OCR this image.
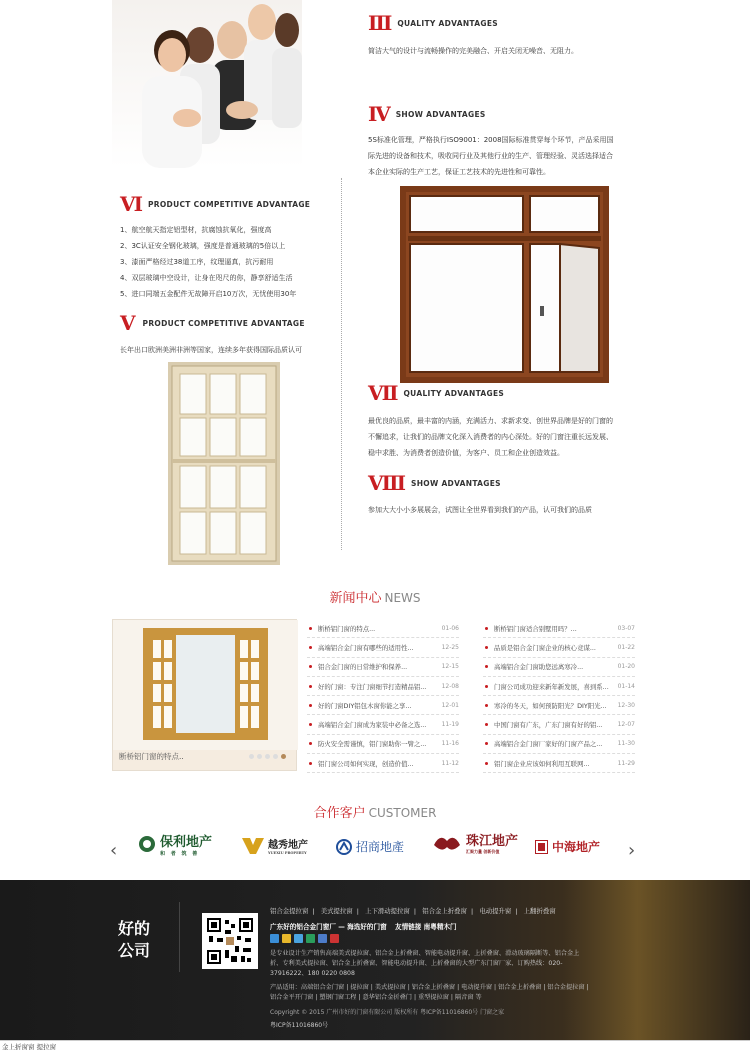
Ⅲ QUALITY ADVANTAGES
简洁大气的设计与流畅操作的完美融合、开启关闭无噪音、无阻力。
Ⅳ SHOW ADVANTAGES
5S标准化管理，严格执行ISO9001：2008国际标准贯穿每个环节，产品采用国
际先进的设备和技术，吸收同行业及其他行业的生产、管理经验、灵活选择适合
本企业实际的生产工艺，保证工艺技术的先进性和可靠性。
Ⅵ PRODUCT COMPETITIVE ADVANTAGE
1、航空航天指定铝型材，抗腐蚀抗氧化，强度高
2、3C认证安全钢化玻璃，强度是普通玻璃的5倍以上
3、漆面严格经过38道工序，纹理逼真，抗污耐用
4、双层玻璃中空设计，让身在咫尺的你，静享舒适生活
5、进口同端五金配件无故障开启10万次，无忧使用30年
Ⅴ PRODUCT COMPETITIVE ADVANTAGE
长年出口欧洲美洲非洲等国家，连续多年获得国际品质认可
Ⅶ QUALITY ADVANTAGES
最优良的品质，最丰富的内涵，充满活力、求新求变、创世界品牌是好的门窗的
不懈追求，让我们的品牌文化深入消费者的内心深处。好的门窗注重长远发展、
稳中求胜、为消费者创造价值，为客户、员工和企业创造效益。
Ⅷ SHOW ADVANTAGES
参加大大小小多展展会，试图让全世界看到我们的产品，认可我们的品质
新闻中心 NEWS
断桥铝门窗的特点..
断桥铝门窗的特点...	01-06
高端铝合金门窗有哪些的适用性...	12-25
铝合金门窗的日常维护和保养...	12-15
好的门窗：专注门窗细节打造精品铝...	12-08
好的门窗DIY铝包木窗你能之享...	12-01
高端铝合金门窗成为家装中必备之选...	11-19
防火安全需谨慎，铝门窗助你一臂之...	11-16
铝门窗公司如何实现，创造价值...	11-12
断桥铝门窗适合别墅用吗？...	03-07
品质是铝合金门窗企业的核心竞谋...	01-22
高端铝合金门窗助您远离寒冷...	01-20
门窗公司成功迎来新年新发展，喜到系...	01-14
寒冷的冬天，如何预防阳光？DIY阳光...	12-30
中国门窗有广东，广东门窗有好的铝...	12-07
高端铝合金门窗厂家好的门窗产品之...	11-30
铝门窗企业应该如何利用互联网...	11-29
合作客户 CUSTOMER
‹	›
保利地产
和 者 筑 善
越秀地产
YUEXIU PROPERTY	招商地產	珠江地产
汇聚力量 创新价值	中海地产
好的
公司
铝合金提拉窗 | 美式提拉窗 | 上下滑动提拉窗 | 铝合金上折叠窗 | 电动提升窗 | 上翻折叠窗
广东好的铝合金门窗厂 — 海选好的门窗 友情链接 南粤精木门
是专业设计生产销售高端美式提拉窗、铝合金上折叠窗、智能电动提升窗、上折叠窗、滑动玻璃隔断等、铝合金上折、专利美式提拉窗、铝合金上折叠窗、智能电动提升窗、上折叠窗的大型广东门窗厂家、订购热线：020-37916222、180 0220 0808
产品适用：高端铝合金门窗 | 提拉窗 | 美式提拉窗 | 铝合金上折叠窗 | 电动提升窗 | 铝合金上折叠窗 | 铝合金提拉窗 | 铝合金平开门窗 | 塑钢门窗工程 | 意华铝合金折叠门 | 重型提拉窗 | 隔音窗 等
Copyright © 2015 广州市好的门窗有限公司 版权所有 粤ICP备11016860号 门窗之家
粤ICP备11016860号
金上折窗窗 提拉窗
